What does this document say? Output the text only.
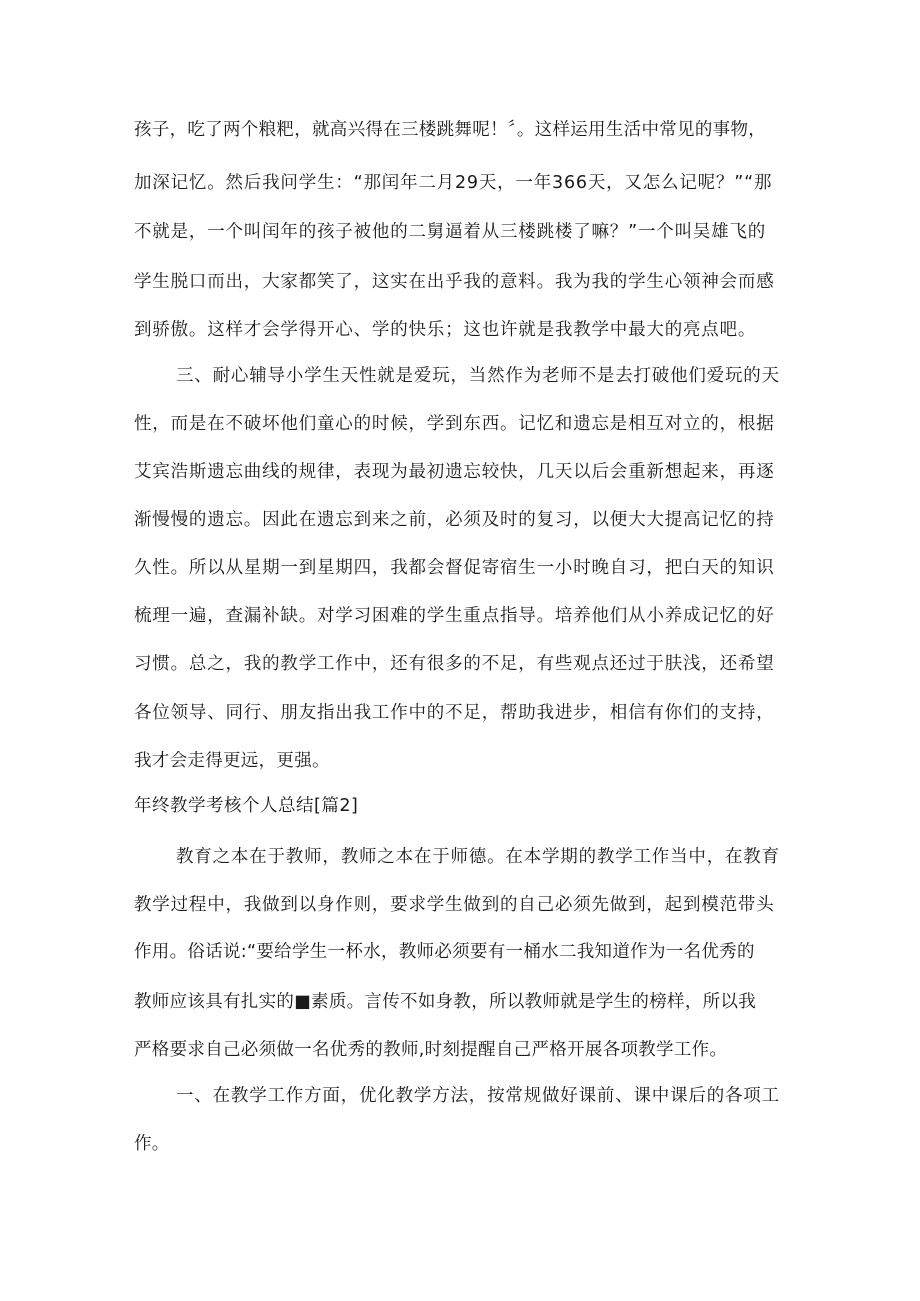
孩子，吃了两个粮粑，就高兴得在三楼跳舞呢！〞。这样运用生活中常见的事物，

加深记忆。然后我问学生：“那闰年二月29天，一年366天，又怎么记呢？”“那

不就是，一个叫闰年的孩子被他的二舅逼着从三楼跳楼了嘛？”一个叫吴雄飞的

学生脱口而出，大家都笑了，这实在出乎我的意料。我为我的学生心领神会而感

到骄傲。这样才会学得开心、学的快乐；这也许就是我教学中最大的亮点吧。

三、耐心辅导小学生天性就是爱玩，当然作为老师不是去打破他们爱玩的天

性，而是在不破坏他们童心的时候，学到东西。记忆和遗忘是相互对立的，根据

艾宾浩斯遗忘曲线的规律，表现为最初遗忘较快，几天以后会重新想起来，再逐

渐慢慢的遗忘。因此在遗忘到来之前，必须及时的复习，以便大大提高记忆的持

久性。所以从星期一到星期四，我都会督促寄宿生一小时晚自习，把白天的知识

梳理一遍，查漏补缺。对学习困难的学生重点指导。培养他们从小养成记忆的好

习惯。总之，我的教学工作中，还有很多的不足，有些观点还过于肤浅，还希望

各位领导、同行、朋友指出我工作中的不足，帮助我进步，相信有你们的支持，

我才会走得更远，更强。

年终教学考核个人总结[篇2]

教育之本在于教师，教师之本在于师德。在本学期的教学工作当中，在教育

教学过程中，我做到以身作则，要求学生做到的自己必须先做到，起到模范带头

作用。俗话说:“要给学生一杯水，教师必须要有一桶水二我知道作为一名优秀的

教师应该具有扎实的■素质。言传不如身教，所以教师就是学生的榜样，所以我

严格要求自己必须做一名优秀的教师,时刻提醒自己严格开展各项教学工作。

一、在教学工作方面，优化教学方法，按常规做好课前、课中课后的各项工

作。
